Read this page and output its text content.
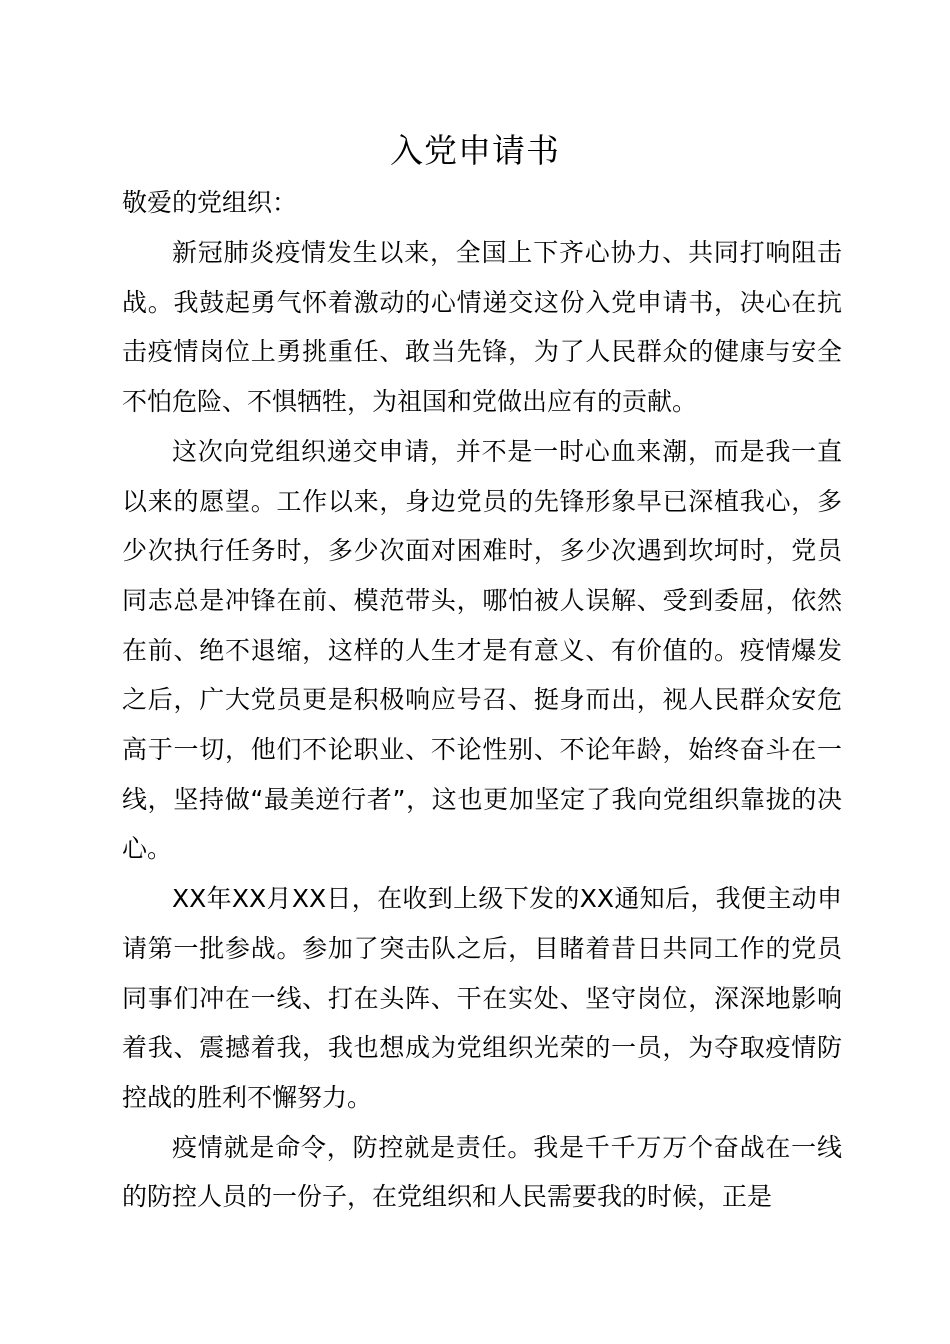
入党申请书
敬爱的党组织：

新冠肺炎疫情发生以来，全国上下齐心协力、共同打响阻击战。我鼓起勇气怀着激动的心情递交这份入党申请书，决心在抗击疫情岗位上勇挑重任、敢当先锋，为了人民群众的健康与安全不怕危险、不惧牺牲，为祖国和党做出应有的贡献。

这次向党组织递交申请，并不是一时心血来潮，而是我一直以来的愿望。工作以来，身边党员的先锋形象早已深植我心，多少次执行任务时，多少次面对困难时，多少次遇到坎坷时，党员同志总是冲锋在前、模范带头，哪怕被人误解、受到委屈，依然在前、绝不退缩，这样的人生才是有意义、有价值的。疫情爆发之后，广大党员更是积极响应号召、挺身而出，视人民群众安危高于一切，他们不论职业、不论性别、不论年龄，始终奋斗在一线，坚持做“最美逆行者”，这也更加坚定了我向党组织靠拢的决心。

XX年XX月XX日，在收到上级下发的XX通知后，我便主动申请第一批参战。参加了突击队之后，目睹着昔日共同工作的党员同事们冲在一线、打在头阵、干在实处、坚守岗位，深深地影响着我、震撼着我，我也想成为党组织光荣的一员，为夺取疫情防控战的胜利不懈努力。

疫情就是命令，防控就是责任。我是千千万万个奋战在一线的防控人员的一份子，在党组织和人民需要我的时候，正是
